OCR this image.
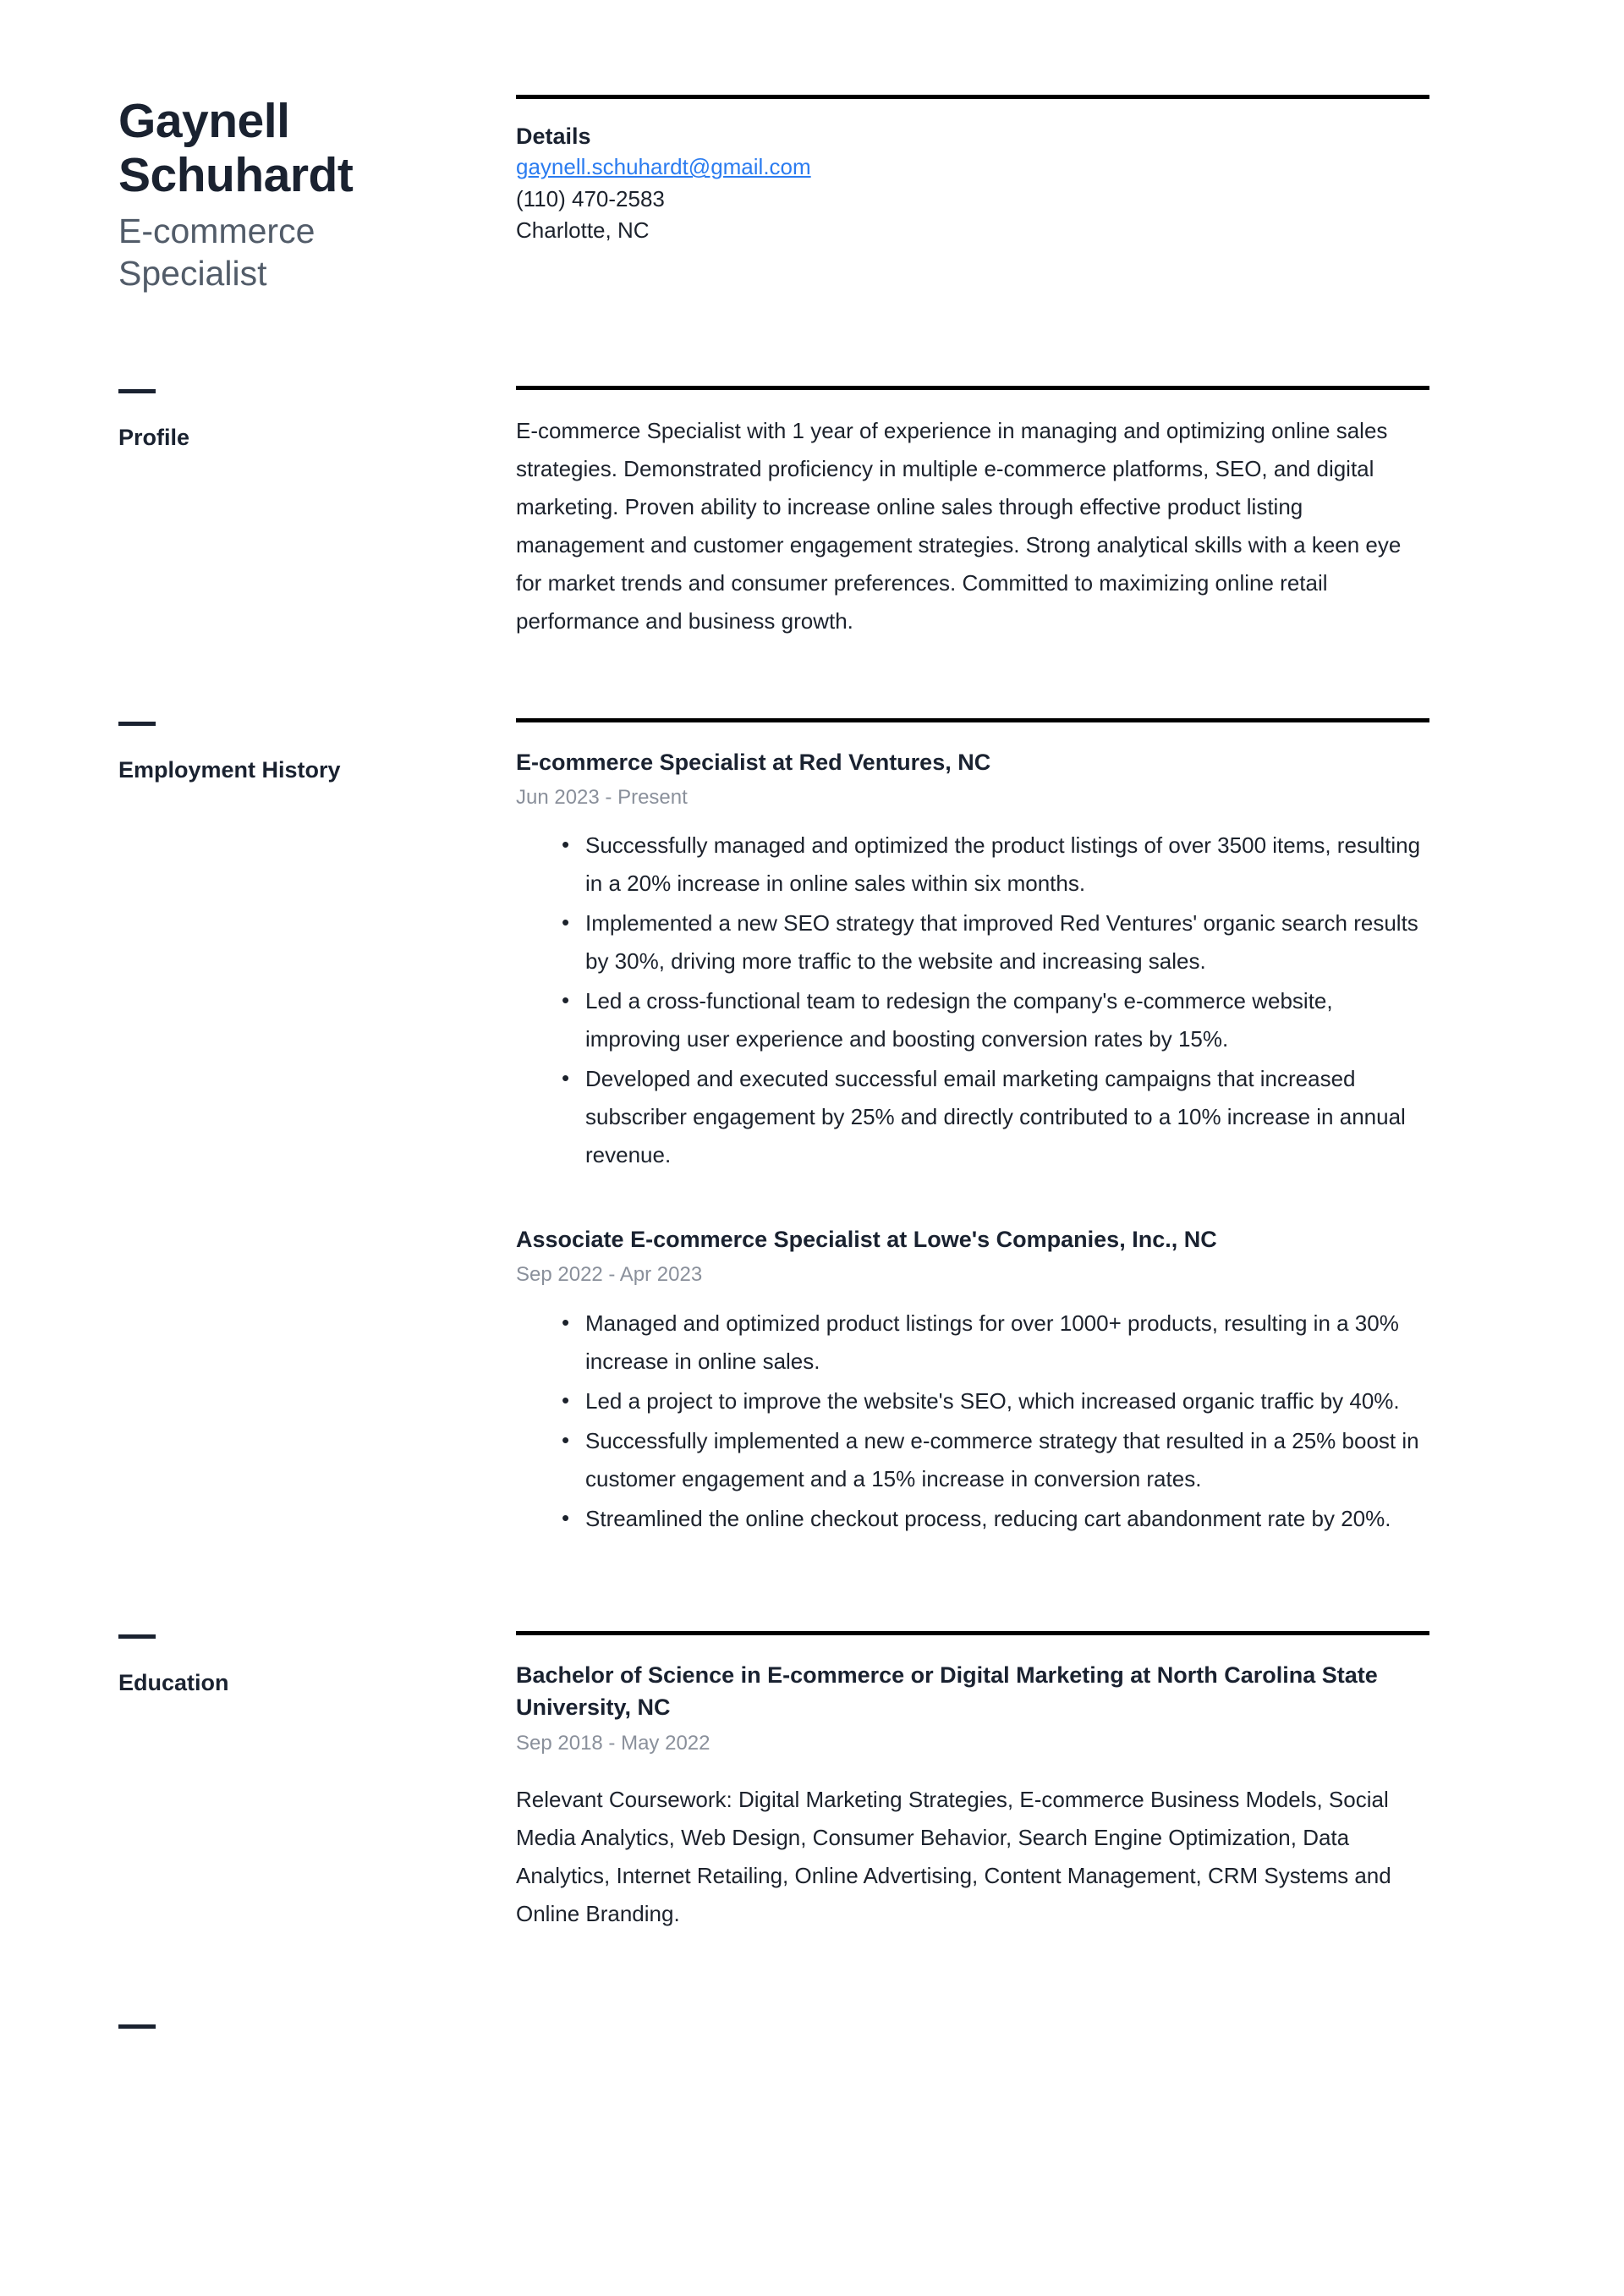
Gaynell Schuhardt
E-commerce Specialist
Details
gaynell.schuhardt@gmail.com
(110) 470-2583
Charlotte, NC
Profile	E-commerce Specialist with 1 year of experience in managing and optimizing online sales strategies. Demonstrated proficiency in multiple e-commerce platforms, SEO, and digital marketing. Proven ability to increase online sales through effective product listing management and customer engagement strategies. Strong analytical skills with a keen eye for market trends and consumer preferences. Committed to maximizing online retail performance and business growth.

Employment History	E-commerce Specialist at Red Ventures, NC
Jun 2023 - Present
• Successfully managed and optimized the product listings of over 3500 items, resulting in a 20% increase in online sales within six months.
• Implemented a new SEO strategy that improved Red Ventures' organic search results by 30%, driving more traffic to the website and increasing sales.
• Led a cross-functional team to redesign the company's e-commerce website, improving user experience and boosting conversion rates by 15%.
• Developed and executed successful email marketing campaigns that increased subscriber engagement by 25% and directly contributed to a 10% increase in annual revenue.
Associate E-commerce Specialist at Lowe's Companies, Inc., NC
Sep 2022 - Apr 2023
• Managed and optimized product listings for over 1000+ products, resulting in a 30% increase in online sales.
• Led a project to improve the website's SEO, which increased organic traffic by 40%.
• Successfully implemented a new e-commerce strategy that resulted in a 25% boost in customer engagement and a 15% increase in conversion rates.
• Streamlined the online checkout process, reducing cart abandonment rate by 20%.
Education	Bachelor of Science in E-commerce or Digital Marketing at North Carolina State University, NC
Sep 2018 - May 2022

Relevant Coursework: Digital Marketing Strategies, E-commerce Business Models, Social Media Analytics, Web Design, Consumer Behavior, Search Engine Optimization, Data Analytics, Internet Retailing, Online Advertising, Content Management, CRM Systems and Online Branding.
